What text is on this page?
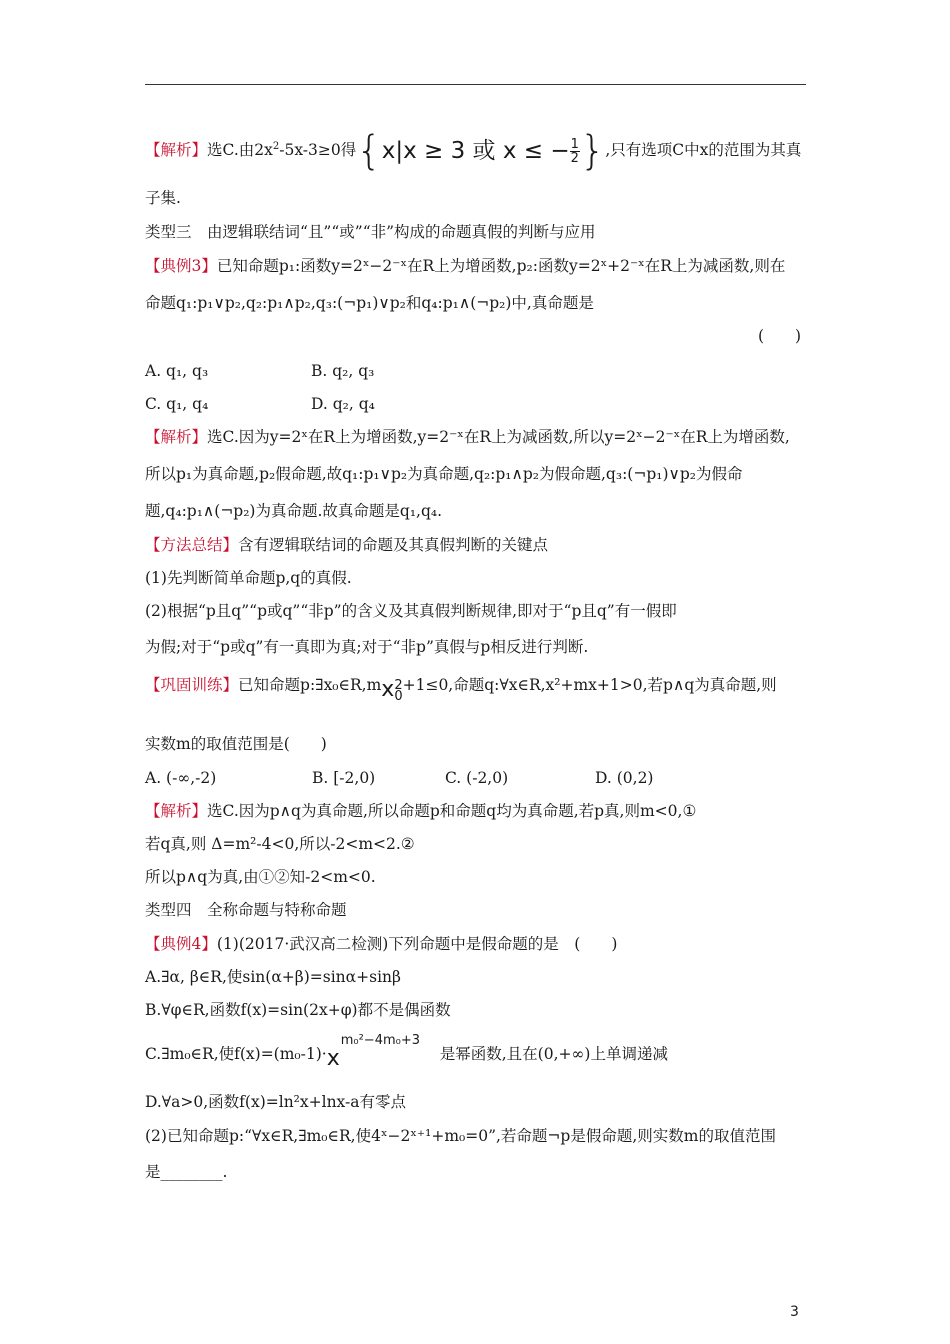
【解析】选C.由$2x^2-5x-3\ge 0$得{x|x ≥ 3 或 x ≤ − $\frac{1}{2}$ },只有选项C中x的范围为其真
子集.
类型三　由逻辑联结词“且”“或”“非”构成的命题真假的判断与应用
【典例3】已知命题p₁:函数y=2ˣ−2⁻ˣ在R上为增函数,p₂:函数y=2ˣ+2⁻ˣ在R上为减函数,则在
命题q₁:p₁∨p₂,q₂:p₁∧p₂,q₃:(¬p₁)∨p₂和q₄:p₁∧(¬p₂)中,真命题是
(　　)
A. q₁, q₃	B. q₂, q₃
C. q₁, q₄	D. q₂, q₄
【解析】选C.因为y=2ˣ在R上为增函数,y=2⁻ˣ在R上为减函数,所以y=2ˣ−2⁻ˣ在R上为增函数,
所以p₁为真命题,p₂假命题,故q₁:p₁∨p₂为真命题,q₂:p₁∧p₂为假命题,q₃:(¬p₁)∨p₂为假命
题,q₄:p₁∧(¬p₂)为真命题.故真命题是q₁,q₄.
【方法总结】含有逻辑联结词的命题及其真假判断的关键点
(1)先判断简单命题p,q的真假.
(2)根据“p且q”“p或q”“非p”的含义及其真假判断规律,即对于“p且q”有一假即
为假;对于“p或q”有一真即为真;对于“非p”真假与p相反进行判断.
【巩固训练】已知命题p:∃x₀∈R,mx 2
0
+1≤0,命题q:∀x∈R,x²+mx+1>0,若p∧q为真命题,则
实数m的取值范围是(　　)
A. (-∞,-2)	B. [-2,0)	C. (-2,0)	D. (0,2)
【解析】选C.因为p∧q为真命题,所以命题p和命题q均为真命题,若p真,则m<0,①
若q真,则 Δ=m²-4<0,所以-2<m<2.②
所以p∧q为真,由①②知-2<m<0.
类型四　全称命题与特称命题
【典例4】(1)(2017·武汉高二检测)下列命题中是假命题的是　(　　)
A.∃α, β∈R,使sin(α+β)=sinα+sinβ
B.∀φ∈R,函数f(x)=sin(2x+φ)都不是偶函数
C.∃m₀∈R,使f(x)=(m₀-1)·x
m₀²−4m₀+3
是幂函数,且在(0,+∞)上单调递减
D.∀a>0,函数f(x)=ln²x+lnx-a有零点
(2)已知命题p:“∀x∈R,∃m₀∈R,使4ˣ−2ˣ⁺¹+m₀=0”,若命题¬p是假命题,则实数m的取值范围
是________.
3
